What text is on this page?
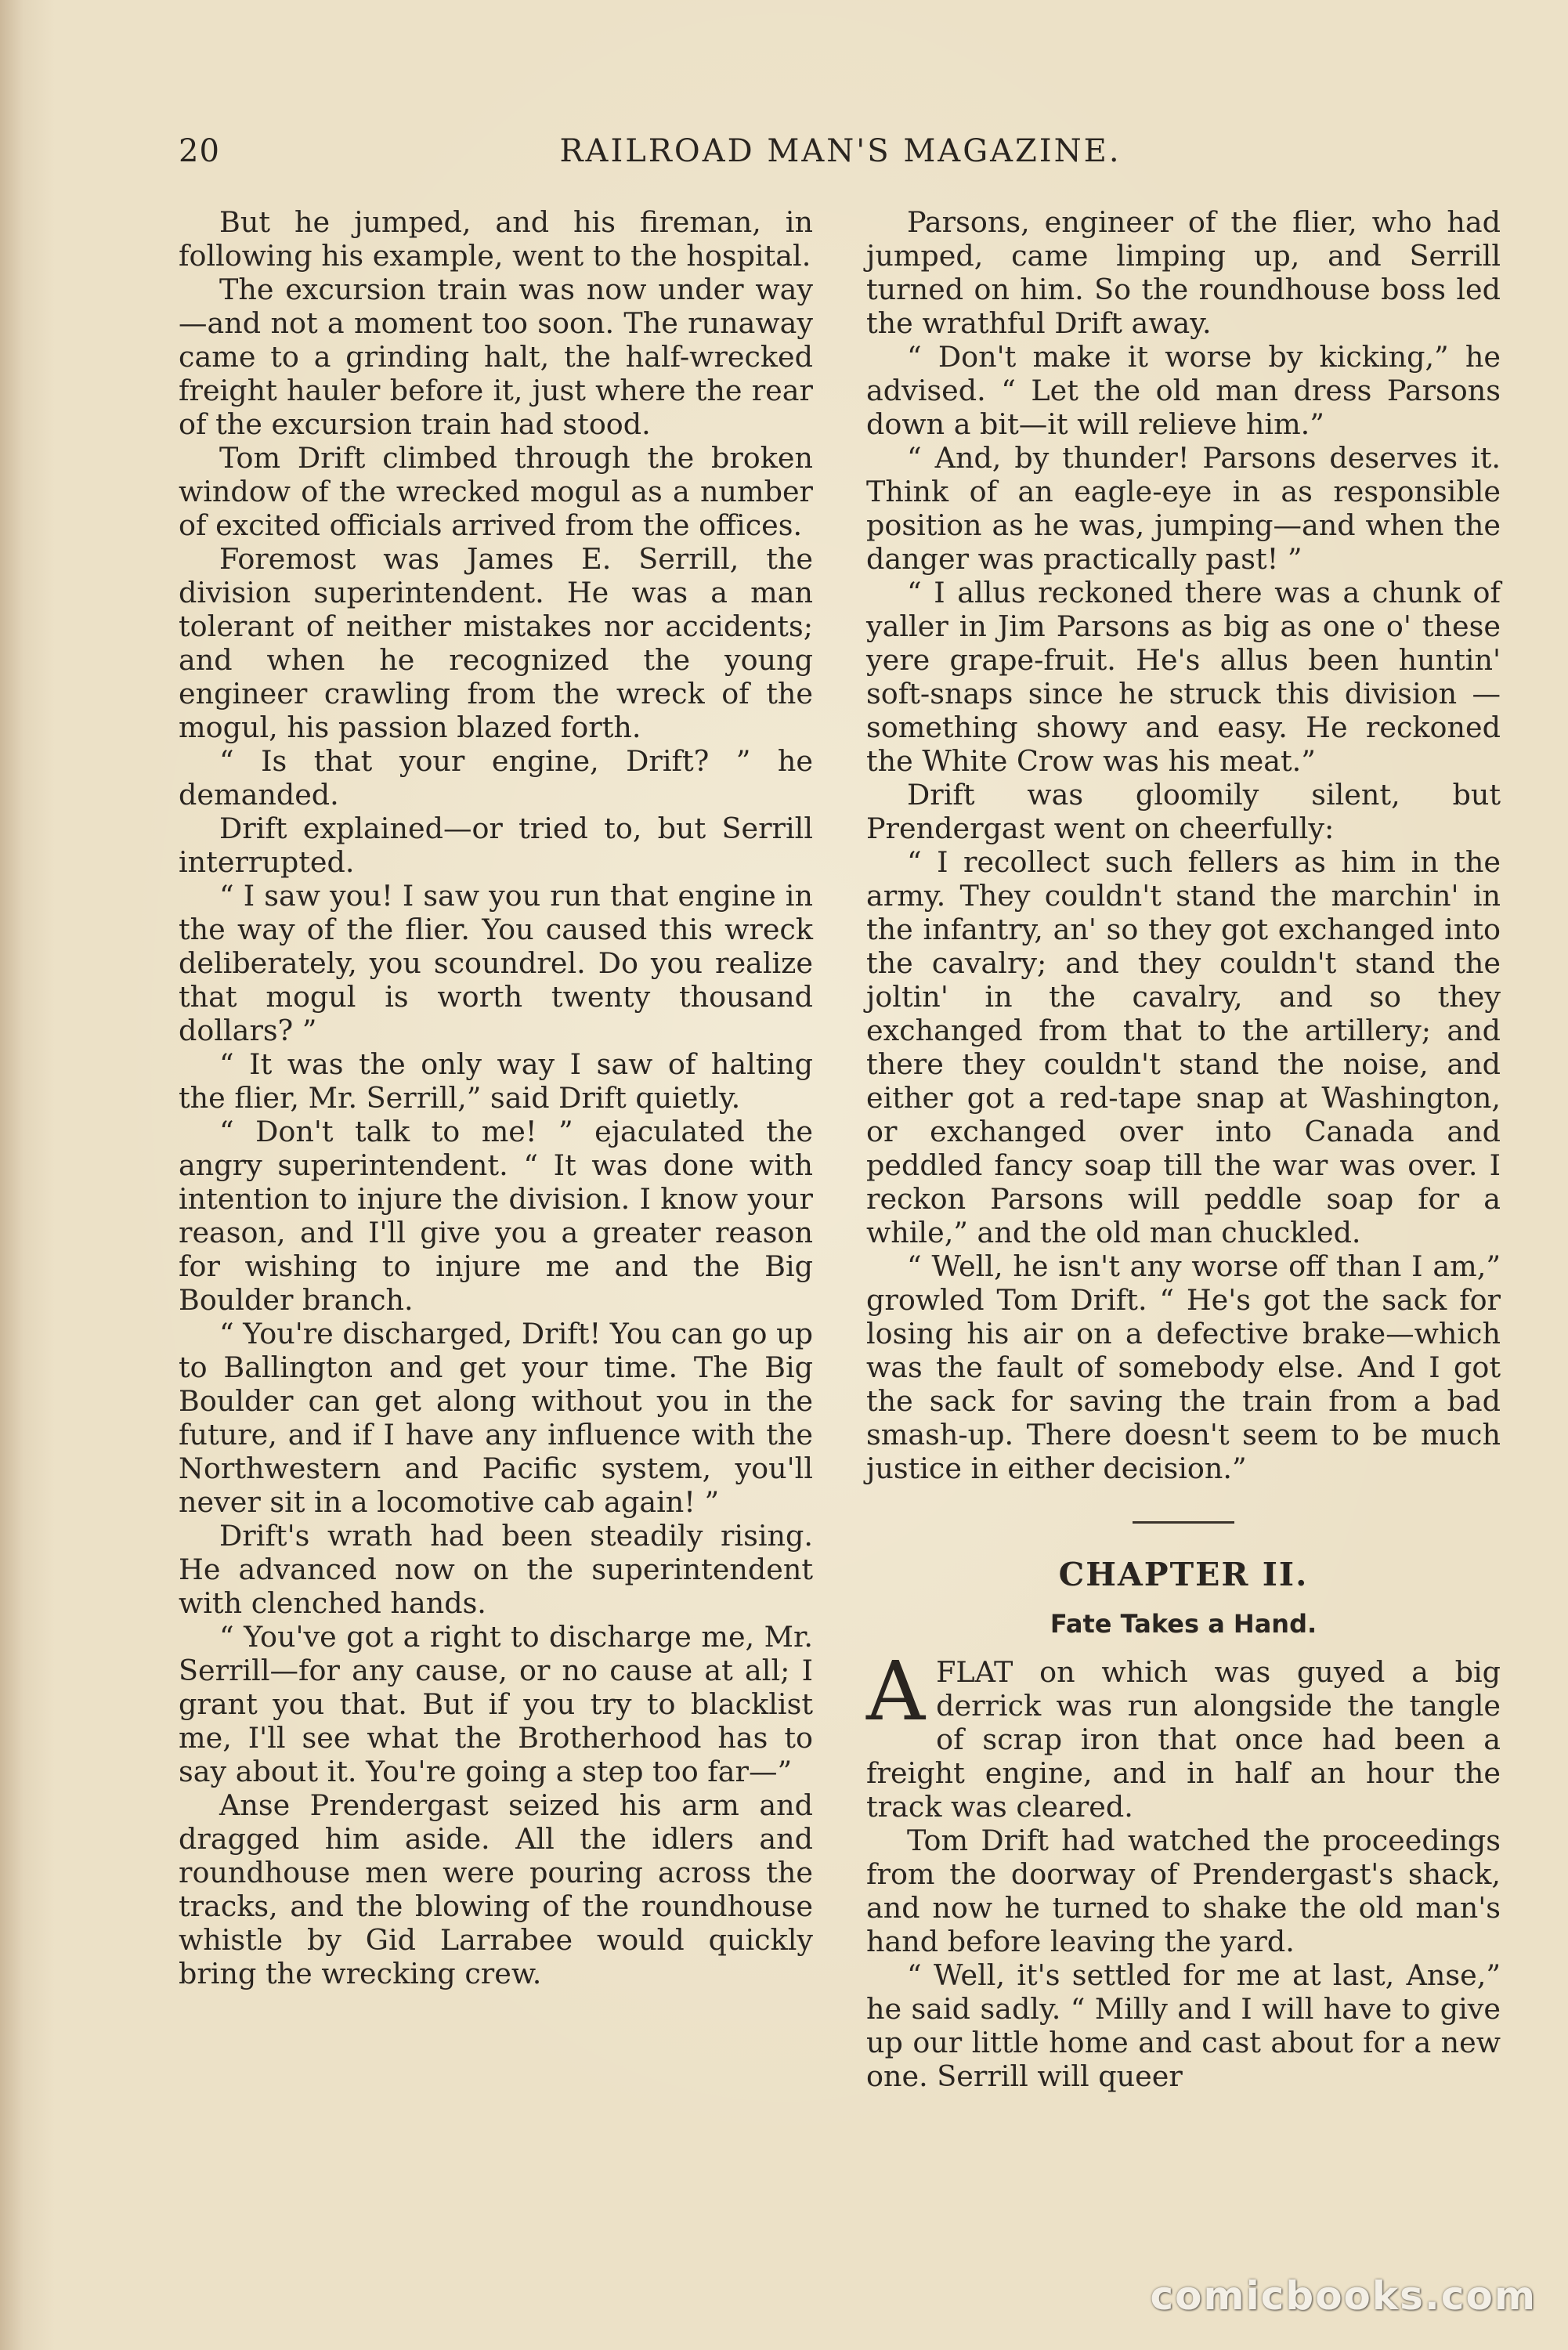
20	RAILROAD MAN'S MAGAZINE.

But he jumped, and his fireman, in following his example, went to the hospital.

The excursion train was now under way—and not a moment too soon. The runaway came to a grinding halt, the half-wrecked freight hauler before it, just where the rear of the excursion train had stood.

Tom Drift climbed through the broken window of the wrecked mogul as a number of excited officials arrived from the offices.

Foremost was James E. Serrill, the division superintendent. He was a man tolerant of neither mistakes nor accidents; and when he recognized the young engineer crawling from the wreck of the mogul, his passion blazed forth.

“ Is that your engine, Drift? ” he demanded.

Drift explained—or tried to, but Serrill interrupted.

“ I saw you! I saw you run that engine in the way of the flier. You caused this wreck deliberately, you scoundrel. Do you realize that mogul is worth twenty thousand dollars? ”

“ It was the only way I saw of halting the flier, Mr. Serrill,” said Drift quietly.

“ Don't talk to me! ” ejaculated the angry superintendent. “ It was done with intention to injure the division. I know your reason, and I'll give you a greater reason for wishing to injure me and the Big Boulder branch.

“ You're discharged, Drift! You can go up to Ballington and get your time. The Big Boulder can get along without you in the future, and if I have any influence with the Northwestern and Pacific system, you'll never sit in a locomotive cab again! ”

Drift's wrath had been steadily rising. He advanced now on the superintendent with clenched hands.

“ You've got a right to discharge me, Mr. Serrill—for any cause, or no cause at all; I grant you that. But if you try to blacklist me, I'll see what the Brotherhood has to say about it. You're going a step too far—”

Anse Prendergast seized his arm and dragged him aside. All the idlers and roundhouse men were pouring across the tracks, and the blowing of the roundhouse whistle by Gid Larrabee would quickly bring the wrecking crew.

Parsons, engineer of the flier, who had jumped, came limping up, and Serrill turned on him. So the roundhouse boss led the wrathful Drift away.

“ Don't make it worse by kicking,” he advised. “ Let the old man dress Parsons down a bit—it will relieve him.”

“ And, by thunder! Parsons deserves it. Think of an eagle-eye in as responsible position as he was, jumping—and when the danger was practically past! ”

“ I allus reckoned there was a chunk of yaller in Jim Parsons as big as one o' these yere grape-fruit. He's allus been huntin' soft-snaps since he struck this division — something showy and easy. He reckoned the White Crow was his meat.”

Drift was gloomily silent, but Prendergast went on cheerfully:

“ I recollect such fellers as him in the army. They couldn't stand the marchin' in the infantry, an' so they got exchanged into the cavalry; and they couldn't stand the joltin' in the cavalry, and so they exchanged from that to the artillery; and there they couldn't stand the noise, and either got a red-tape snap at Washington, or exchanged over into Canada and peddled fancy soap till the war was over. I reckon Parsons will peddle soap for a while,” and the old man chuckled.

“ Well, he isn't any worse off than I am,” growled Tom Drift. “ He's got the sack for losing his air on a defective brake—which was the fault of somebody else. And I got the sack for saving the train from a bad smash-up. There doesn't seem to be much justice in either decision.”

CHAPTER II.
Fate Takes a Hand.

AFLAT on which was guyed a big derrick was run alongside the tangle of scrap iron that once had been a freight engine, and in half an hour the track was cleared.

Tom Drift had watched the proceedings from the doorway of Prendergast's shack, and now he turned to shake the old man's hand before leaving the yard.

“ Well, it's settled for me at last, Anse,” he said sadly. “ Milly and I will have to give up our little home and cast about for a new one. Serrill will queer

comicbooks.com
